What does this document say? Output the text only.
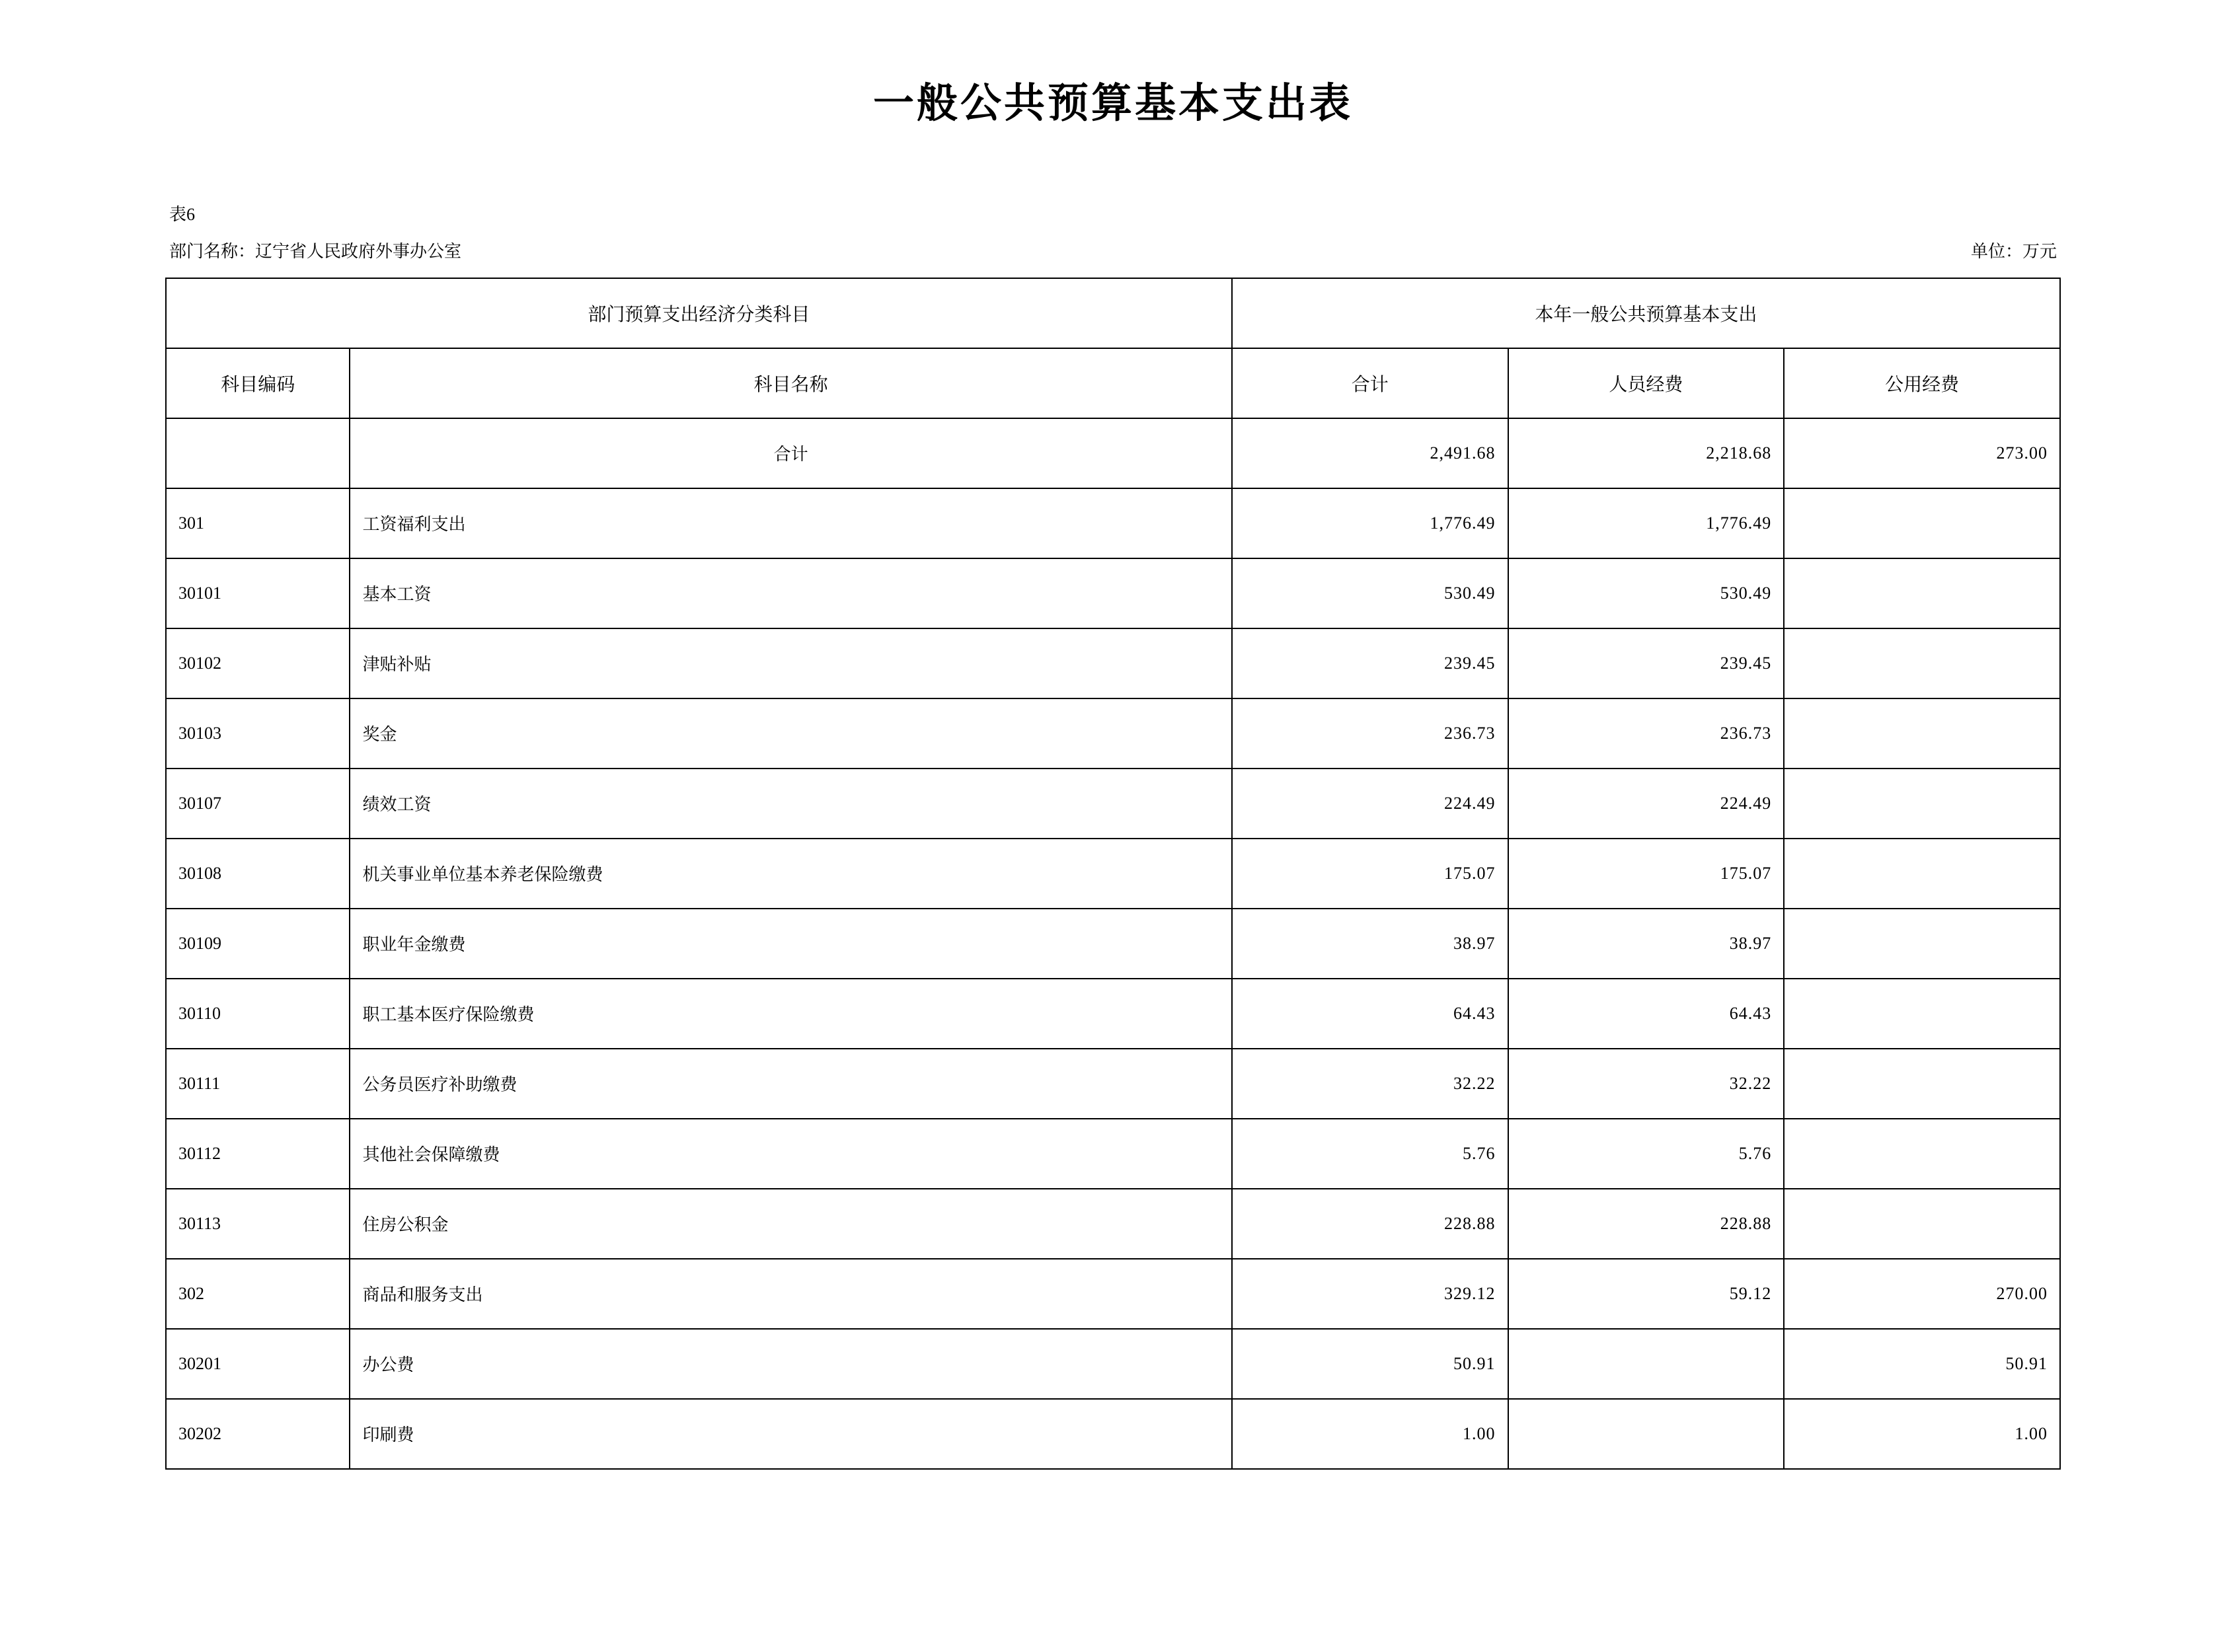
一般公共预算基本支出表
表6
部门名称：辽宁省人民政府外事办公室	单位：万元
部门预算支出经济分类科目		本年一般公共预算基本支出		
科目编码	科目名称	合计	人员经费	公用经费
	合计	2,491.68	2,218.68	273.00
301	工资福利支出	1,776.49	1,776.49	
30101	基本工资	530.49	530.49	
30102	津贴补贴	239.45	239.45	
30103	奖金	236.73	236.73	
30107	绩效工资	224.49	224.49	
30108	机关事业单位基本养老保险缴费	175.07	175.07	
30109	职业年金缴费	38.97	38.97	
30110	职工基本医疗保险缴费	64.43	64.43	
30111	公务员医疗补助缴费	32.22	32.22	
30112	其他社会保障缴费	5.76	5.76	
30113	住房公积金	228.88	228.88	
302	商品和服务支出	329.12	59.12	270.00
30201	办公费	50.91		50.91
30202	印刷费	1.00		1.00
